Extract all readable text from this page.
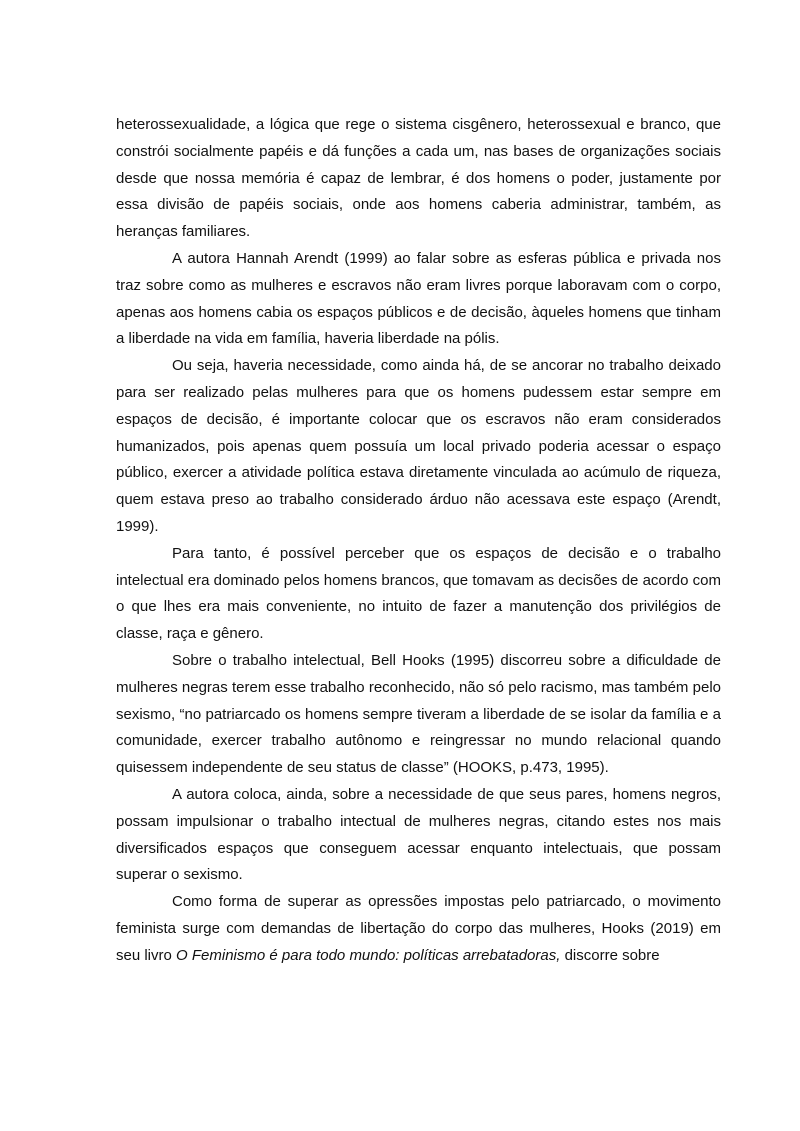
heterossexualidade, a lógica que rege o sistema cisgênero, heterossexual e branco, que constrói socialmente papéis e dá funções a cada um, nas bases de organizações sociais desde que nossa memória é capaz de lembrar, é dos homens o poder, justamente por essa divisão de papéis sociais, onde aos homens caberia administrar, também, as heranças familiares.

A autora Hannah Arendt (1999) ao falar sobre as esferas pública e privada nos traz sobre como as mulheres e escravos não eram livres porque laboravam com o corpo, apenas aos homens cabia os espaços públicos e de decisão, àqueles homens que tinham a liberdade na vida em família, haveria liberdade na pólis.

Ou seja, haveria necessidade, como ainda há, de se ancorar no trabalho deixado para ser realizado pelas mulheres para que os homens pudessem estar sempre em espaços de decisão, é importante colocar que os escravos não eram considerados humanizados, pois apenas quem possuía um local privado poderia acessar o espaço público, exercer a atividade política estava diretamente vinculada ao acúmulo de riqueza, quem estava preso ao trabalho considerado árduo não acessava este espaço (Arendt, 1999).

Para tanto, é possível perceber que os espaços de decisão e o trabalho intelectual era dominado pelos homens brancos, que tomavam as decisões de acordo com o que lhes era mais conveniente, no intuito de fazer a manutenção dos privilégios de classe, raça e gênero.

Sobre o trabalho intelectual, Bell Hooks (1995) discorreu sobre a dificuldade de mulheres negras terem esse trabalho reconhecido, não só pelo racismo, mas também pelo sexismo, “no patriarcado os homens sempre tiveram a liberdade de se isolar da família e a comunidade, exercer trabalho autônomo e reingressar no mundo relacional quando quisessem independente de seu status de classe” (HOOKS, p.473, 1995).

A autora coloca, ainda, sobre a necessidade de que seus pares, homens negros, possam impulsionar o trabalho intectual de mulheres negras, citando estes nos mais diversificados espaços que conseguem acessar enquanto intelectuais, que possam superar o sexismo.

Como forma de superar as opressões impostas pelo patriarcado, o movimento feminista surge com demandas de libertação do corpo das mulheres, Hooks (2019) em seu livro O Feminismo é para todo mundo: políticas arrebatadoras, discorre sobre
